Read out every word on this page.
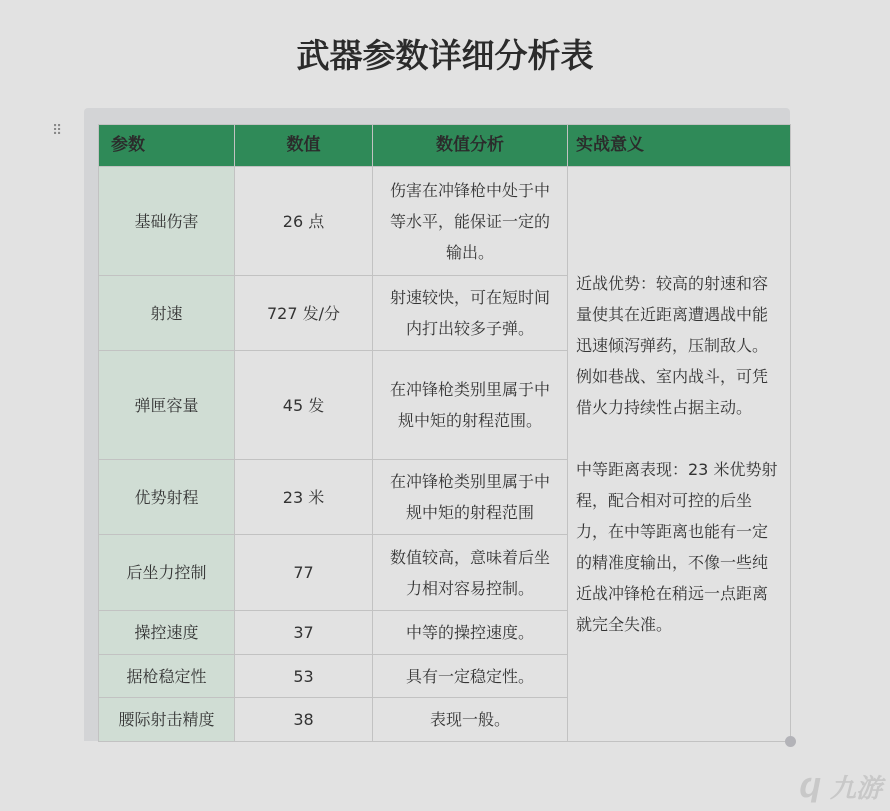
武器参数详细分析表
⠿
参数	数值	数值分析	实战意义
基础伤害	26 点	伤害在冲锋枪中处于中等水平，能保证一定的输出。	近战优势：较高的射速和容量使其在近距离遭遇战中能迅速倾泻弹药，压制敌人。例如巷战、室内战斗，可凭借火力持续性占据主动。

中等距离表现：23 米优势射程，配合相对可控的后坐力，在中等距离也能有一定的精准度输出，不像一些纯近战冲锋枪在稍远一点距离就完全失准。
射速	727 发/分	射速较快，可在短时间内打出较多子弹。	
弹匣容量	45 发	在冲锋枪类别里属于中规中矩的射程范围。	
优势射程	23 米	在冲锋枪类别里属于中规中矩的射程范围	
后坐力控制	77	数值较高，意味着后坐力相对容易控制。	
操控速度	37	中等的操控速度。	
据枪稳定性	53	具有一定稳定性。	
腰际射击精度	38	表现一般。	
Ϥ 九游
